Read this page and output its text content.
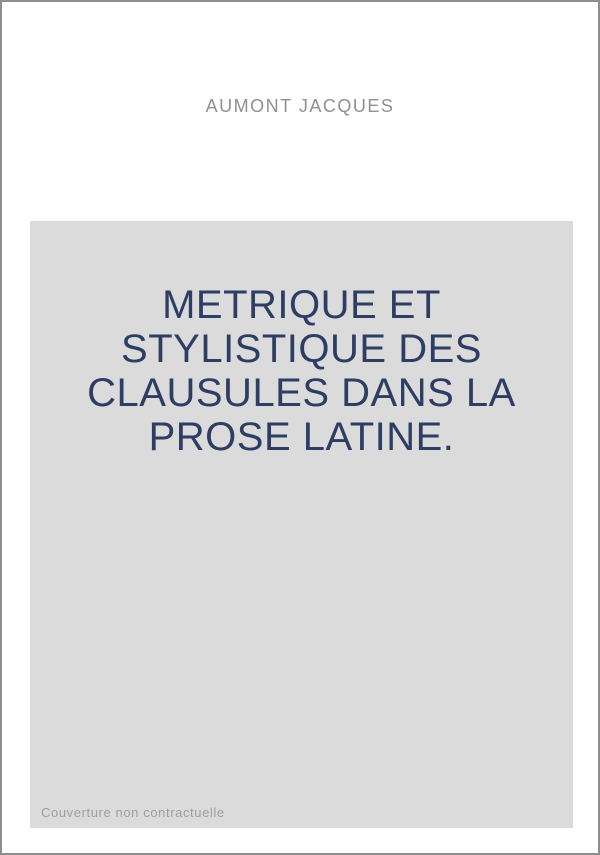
AUMONT JACQUES
METRIQUE ET
STYLISTIQUE DES
CLAUSULES DANS LA
PROSE LATINE.
Couverture non contractuelle
